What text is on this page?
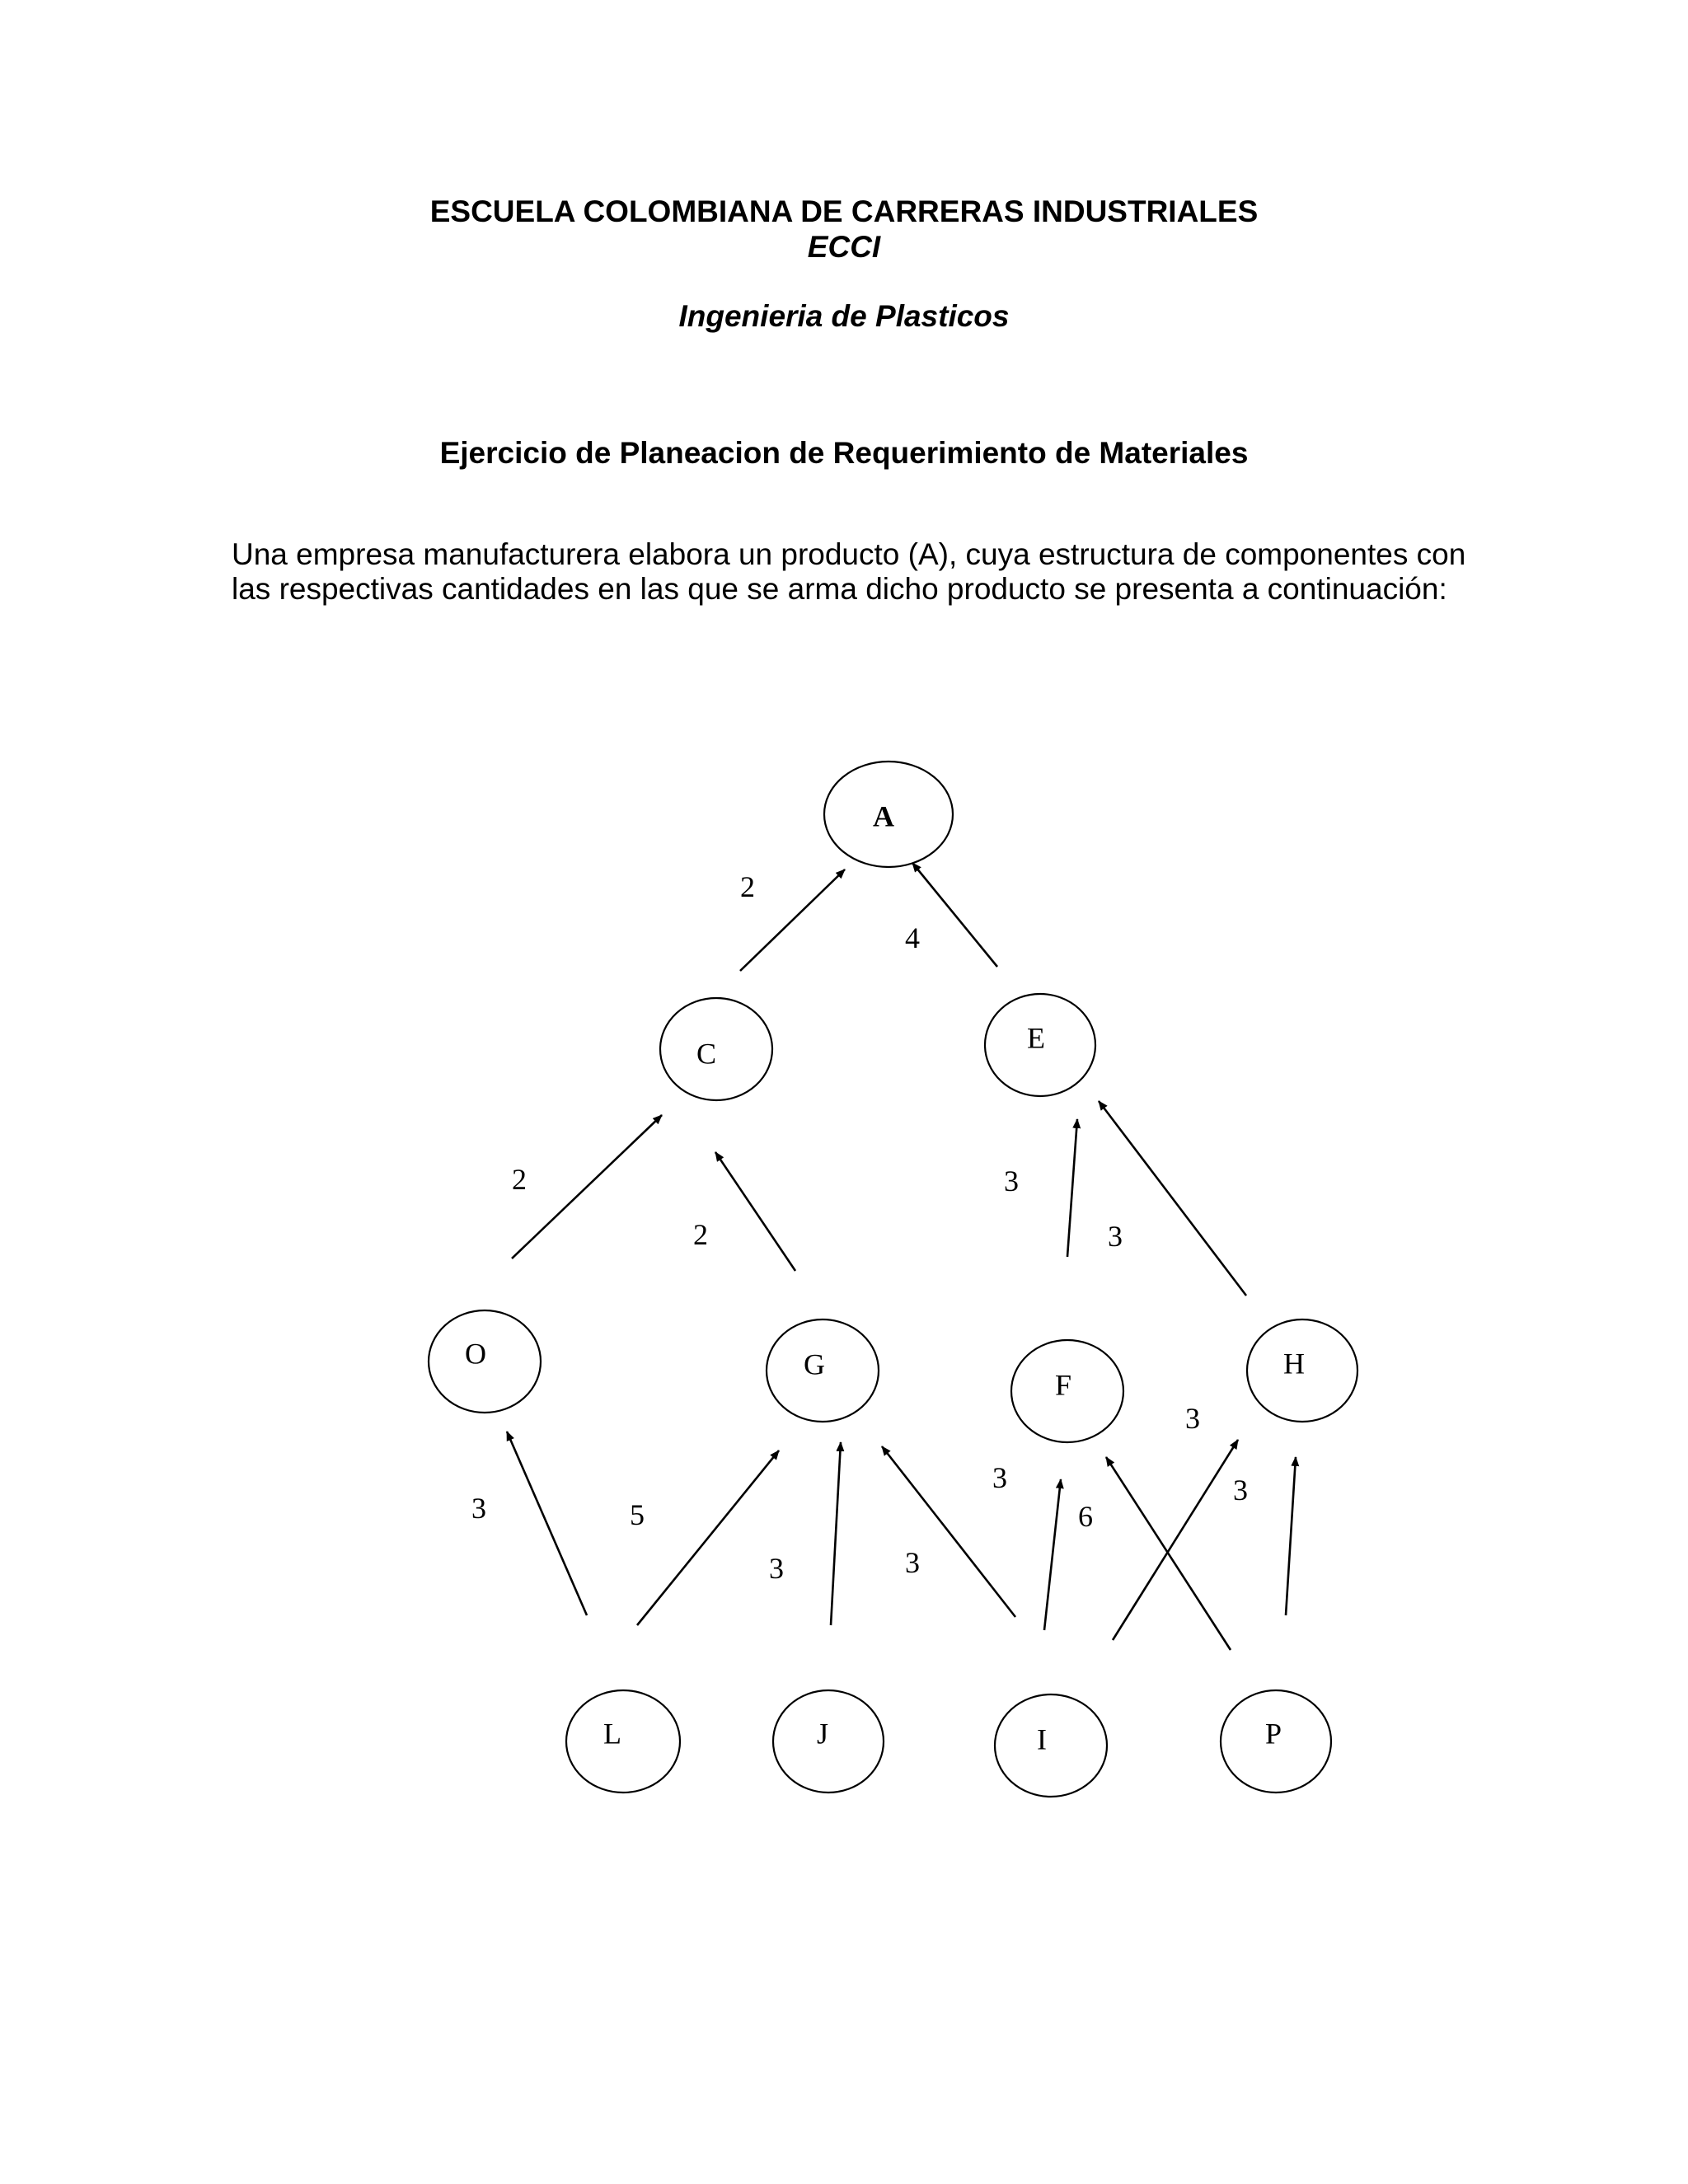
ESCUELA COLOMBIANA DE CARRERAS INDUSTRIALES
ECCI
Ingenieria de Plasticos
Ejercicio de Planeacion de Requerimiento de Materiales

Una empresa manufacturera elabora un producto (A), cuya estructura de componentes con
las respectivas cantidades en las que se arma dicho producto se presenta a continuación:

A
C	E
O	G
F
H
L	J	I	P
2
4
2
2
3
3
3	5
3	3
3
6
3
3
